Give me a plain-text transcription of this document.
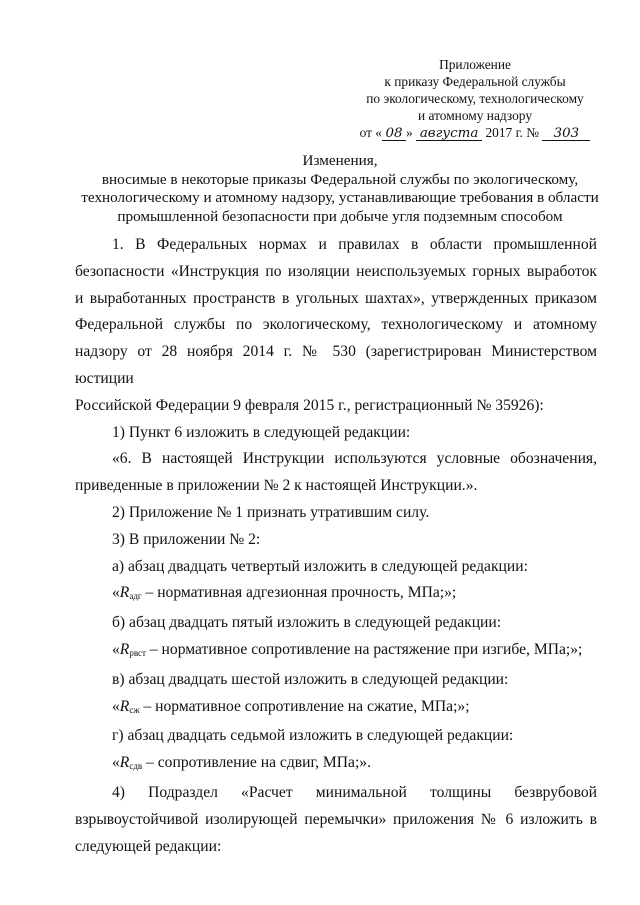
Приложение
к приказу Федеральной службы
по экологическому, технологическому
и атомному надзору
от « 08 » августа 2017 г. № 303
Изменения,
вносимые в некоторые приказы Федеральной службы по экологическому,
технологическому и атомному надзору, устанавливающие требования в области
промышленной безопасности при добыче угля подземным способом

1. В Федеральных нормах и правилах в области промышленной

безопасности «Инструкция по изоляции неиспользуемых горных выработок

и выработанных пространств в угольных шахтах», утвержденных приказом

Федеральной службы по экологическому, технологическому и атомному

надзору от 28 ноября 2014 г. № 530 (зарегистрирован Министерством юстиции

Российской Федерации 9 февраля 2015 г., регистрационный № 35926):

1) Пункт 6 изложить в следующей редакции:

«6. В настоящей Инструкции используются условные обозначения,

приведенные в приложении № 2 к настоящей Инструкции.».

2) Приложение № 1 признать утратившим силу.

3) В приложении № 2:

а) абзац двадцать четвертый изложить в следующей редакции:

«$R_{адг}$ – нормативная адгезионная прочность, МПа;»;

б) абзац двадцать пятый изложить в следующей редакции:

«$R_{рвст}$ – нормативное сопротивление на растяжение при изгибе, МПа;»;

в) абзац двадцать шестой изложить в следующей редакции:

«$R_{сж}$ – нормативное сопротивление на сжатие, МПа;»;

г) абзац двадцать седьмой изложить в следующей редакции:

«$R_{сдв}$ – сопротивление на сдвиг, МПа;».

4) Подраздел «Расчет минимальной толщины безврубовой

взрывоустойчивой изолирующей перемычки» приложения № 6 изложить в

следующей редакции:
